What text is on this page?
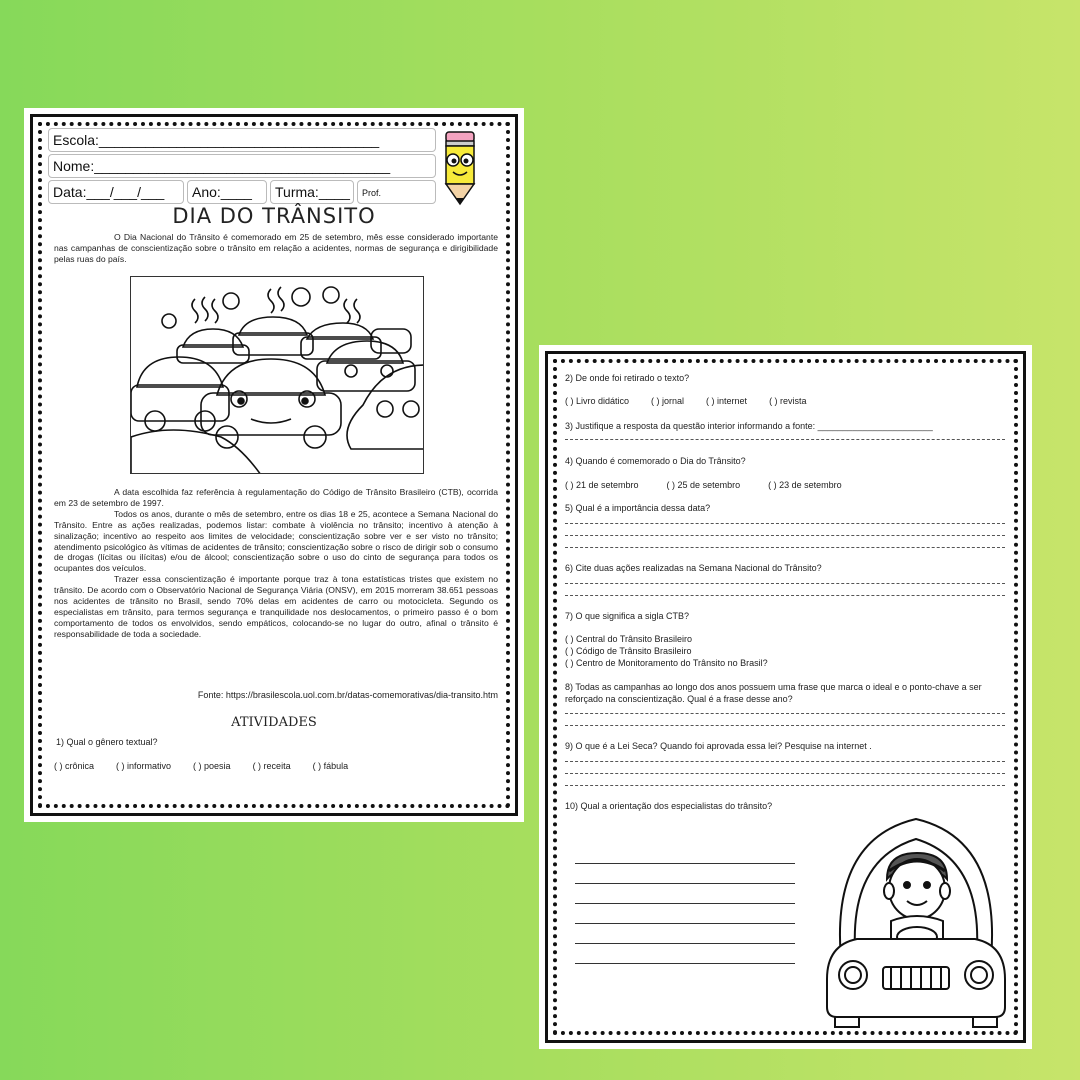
Escola:____________________________________
Nome:______________________________________
Data:___/___/___	Ano:____	Turma:____	Prof.
DIA DO TRÂNSITO

O Dia Nacional do Trânsito é comemorado em 25 de setembro, mês esse considerado importante nas campanhas de conscientização sobre o trânsito em relação a acidentes, normas de segurança e dirigibilidade pelas ruas do país.

A data escolhida faz referência à regulamentação do Código de Trânsito Brasileiro (CTB), ocorrida em 23 de setembro de 1997.

Todos os anos, durante o mês de setembro, entre os dias 18 e 25, acontece a Semana Nacional do Trânsito. Entre as ações realizadas, podemos listar: combate à violência no trânsito; incentivo à atenção à sinalização; incentivo ao respeito aos limites de velocidade; conscientização sobre ver e ser visto no trânsito; atendimento psicológico às vítimas de acidentes de trânsito; conscientização sobre o risco de dirigir sob o consumo de drogas (lícitas ou ilícitas) e/ou de álcool; conscientização sobre o uso do cinto de segurança para todos os ocupantes dos veículos.

Trazer essa conscientização é importante porque traz à tona estatísticas tristes que existem no trânsito. De acordo com o Observatório Nacional de Segurança Viária (ONSV), em 2015 morreram 38.651 pessoas nos acidentes de trânsito no Brasil, sendo 70% delas em acidentes de carro ou motocicleta. Segundo os especialistas em trânsito, para termos segurança e tranquilidade nos deslocamentos, o primeiro passo é o bom comportamento de todos os envolvidos, sendo empáticos, colocando-se no lugar do outro, afinal o trânsito é responsabilidade de toda a sociedade.

Fonte: https://brasilescola.uol.com.br/datas-comemorativas/dia-transito.htm
ATIVIDADES
1) Qual o gênero textual?
( ) crônica ( ) informativo ( ) poesia ( ) receita ( ) fábula
2) De onde foi retirado o texto?
( ) Livro didático ( ) jornal ( ) internet ( ) revista
3) Justifique a resposta da questão interior informando a fonte: _______________________
4) Quando é comemorado o Dia do Trânsito?
( ) 21 de setembro	( ) 25 de setembro	( ) 23 de setembro
5) Qual é a importância dessa data?
6) Cite duas ações realizadas na Semana Nacional do Trânsito?
7) O que significa a sigla CTB?
( ) Central do Trânsito Brasileiro
( ) Código de Trânsito Brasileiro
( ) Centro de Monitoramento do Trânsito no Brasil?
8) Todas as campanhas ao longo dos anos possuem uma frase que marca o ideal e o ponto-chave a ser reforçado na conscientização. Qual é a frase desse ano?
9) O que é a Lei Seca? Quando foi aprovada essa lei? Pesquise na internet .
10) Qual a orientação dos especialistas do trânsito?
